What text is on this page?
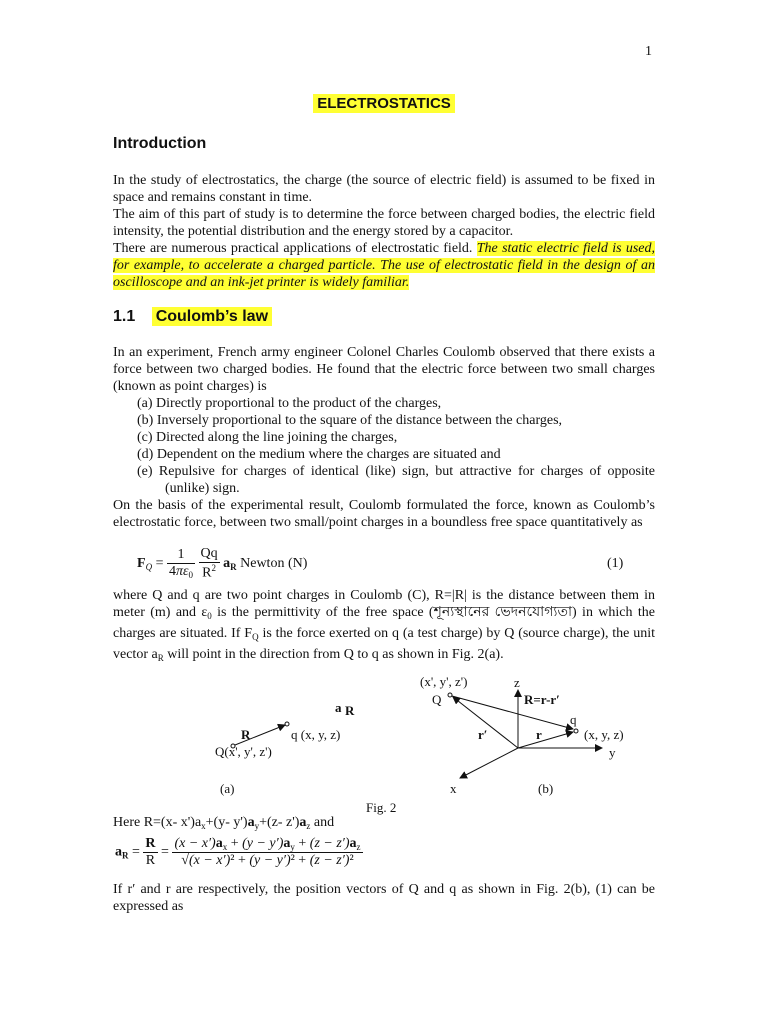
1
ELECTROSTATICS
Introduction

In the study of electrostatics, the charge (the source of electric field) is assumed to be fixed in space and remains constant in time.

The aim of this part of study is to determine the force between charged bodies, the electric field intensity, the potential distribution and the energy stored by a capacitor.

There are numerous practical applications of electrostatic field. The static electric field is used, for example, to accelerate a charged particle. The use of electrostatic field in the design of an oscilloscope and an ink-jet printer is widely familiar.

1.1 Coulomb’s law

In an experiment, French army engineer Colonel Charles Coulomb observed that there exists a force between two charged bodies. He found that the electric force between two small charges (known as point charges) is

(a) Directly proportional to the product of the charges,
(b) Inversely proportional to the square of the distance between the charges,
(c) Directed along the line joining the charges,
(d) Dependent on the medium where the charges are situated and
(e) Repulsive for charges of identical (like) sign, but attractive for charges of opposite (unlike) sign.

On the basis of the experimental result, Coulomb formulated the force, known as Coulomb’s electrostatic force, between two small/point charges in a boundless free space quantitatively as

$F_Q = \frac{1}{4\pi\varepsilon_0}$
$\frac{Qq}{R^2} a_R$ Newton (N)	(1)

where Q and q are two point charges in Coulomb (C), R=|R| is the distance between them in meter (m) and $\varepsilon_0$ is the permittivity of the free space (শূন্যস্থানের ভেদনযোগ্যতা) in which the charges are situated. If $F_Q$ is the force exerted on q (a test charge) by Q (source charge), the unit vector $a_R$ will point in the direction from Q to q as shown in Fig. 2(a).

a R
R	q (x, y, z)
Q(x', y', z')
(a)
(x', y', z')	z
Q	R=r-r′
q
(x, y, z)
r′	r
y
x	(b)
Fig. 2
Here R=(x- $x')a_x+(y-$ $y')a_y+(z-$ $z')a_z$ and
$a_R = \frac{R}{R} = \frac{(x - x')a_x + (y - y')a_y + (z - z')a_z}{\text{√(x − x′)² + (y − y′)² + (z − z′)²}}$
If r′ and r are respectively, the position vectors of Q and q as shown in Fig. 2(b), (1) can be expressed as
